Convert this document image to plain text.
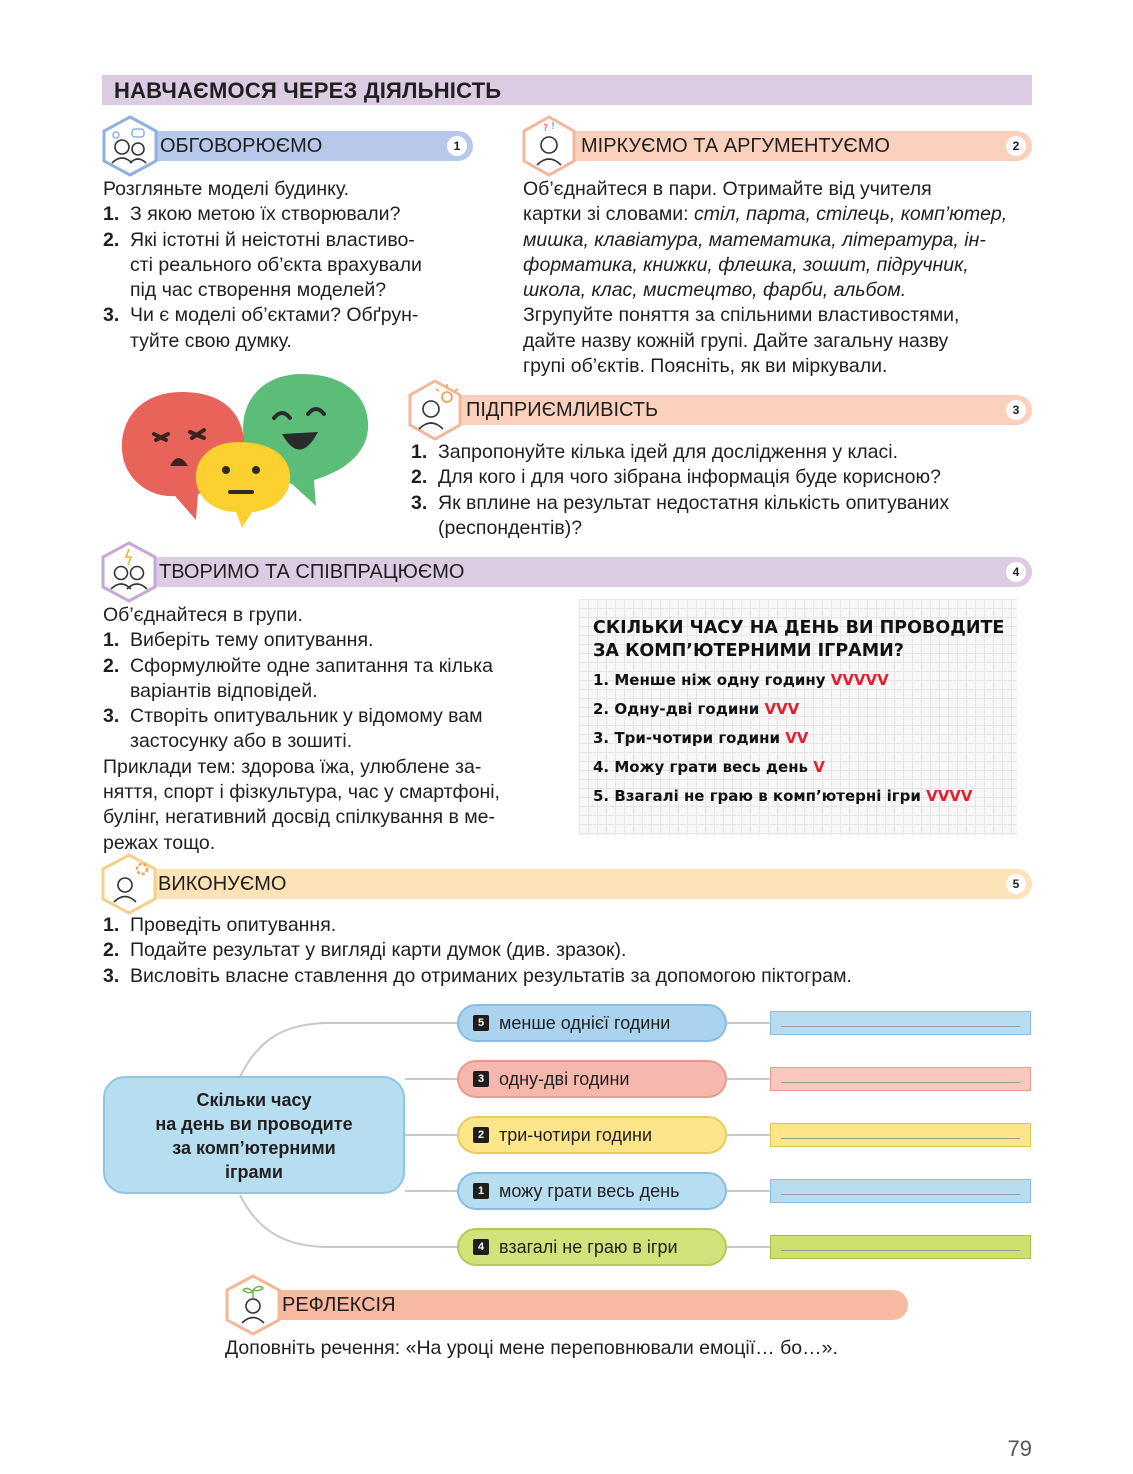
НАВЧАЄМОСЯ ЧЕРЕЗ ДІЯЛЬНІСТЬ
ОБГОВОРЮЄМО	1
Розгляньте моделі будинку.
1. З якою метою їх створювали?
2. Які істотні й неістотні властиво-
сті реального об’єкта врахували
під час створення моделей?
3. Чи є моделі об’єктами? Обґрун-
туйте свою думку.
МІРКУЄМО ТА АРГУМЕНТУЄМО	2
? !
Об’єднайтеся в пари. Отримайте від учителя
картки зі словами: стіл, парта, стілець, комп’ютер,
мишка, клавіатура, математика, література, ін-
форматика, книжки, флешка, зошит, підручник,
школа, клас, мистецтво, фарби, альбом.
Згрупуйте поняття за спільними властивостями,
дайте назву кожній групі. Дайте загальну назву
групі об’єктів. Поясніть, як ви міркували.
ПІДПРИЄМЛИВІСТЬ	3
1. Запропонуйте кілька ідей для дослідження у класі.
2. Для кого і для чого зібрана інформація буде корисною?
3. Як вплине на результат недостатня кількість опитуваних
(респондентів)?
ТВОРИМО ТА СПІВПРАЦЮЄМО	4
Об’єднайтеся в групи.
1. Виберіть тему опитування.
2. Сформулюйте одне запитання та кілька
варіантів відповідей.
3. Створіть опитувальник у відомому вам
застосунку або в зошиті.
Приклади тем: здорова їжа, улюблене за-
няття, спорт і фізкультура, час у смартфоні,
булінг, негативний досвід спілкування в ме-
режах тощо.
СКІЛЬКИ ЧАСУ НА ДЕНЬ ВИ ПРОВОДИТЕ
ЗА КОМП’ЮТЕРНИМИ ІГРАМИ?
1. Менше ніж одну годину VVVVV
2. Одну-дві години VVV
3. Три-чотири години VV
4. Можу грати весь день V
5. Взагалі не граю в комп’ютерні ігри VVVV
ВИКОНУЄМО	5
1. Проведіть опитування.
2. Подайте результат у вигляді карти думок (див. зразок).
3. Висловіть власне ставлення до отриманих результатів за допомогою піктограм.
Скільки часу
на день ви проводите
за комп’ютерними
іграми
5 менше однієї години
3 одну-дві години
2 три-чотири години
1 можу грати весь день
4 взагалі не граю в ігри
РЕФЛЕКСІЯ
Доповніть речення: «На уроці мене переповнювали емоції… бо…».
79
